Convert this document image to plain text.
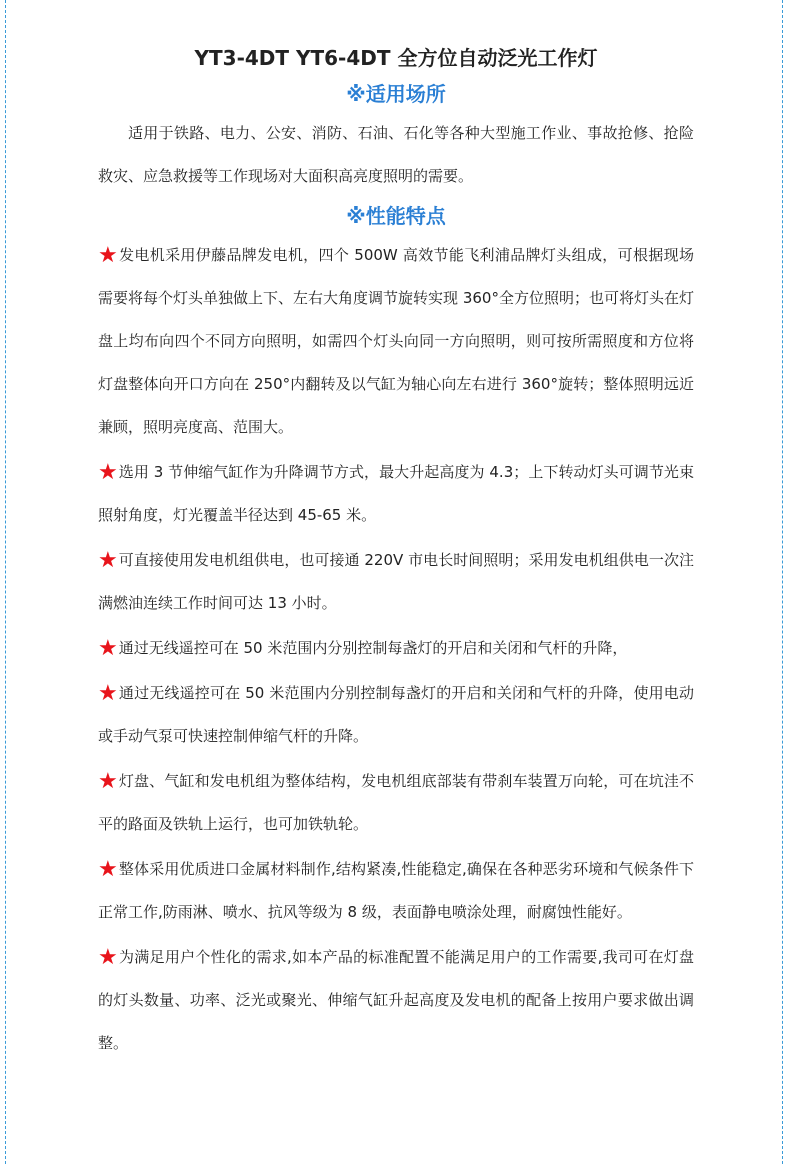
YT3-4DT YT6-4DT 全方位自动泛光工作灯
※适用场所

适用于铁路、电力、公安、消防、石油、石化等各种大型施工作业、事故抢修、抢险救灾、应急救援等工作现场对大面积高亮度照明的需要。

※性能特点

★发电机采用伊藤品牌发电机，四个 500W 高效节能飞利浦品牌灯头组成，可根据现场需要将每个灯头单独做上下、左右大角度调节旋转实现 360°全方位照明；也可将灯头在灯盘上均布向四个不同方向照明，如需四个灯头向同一方向照明，则可按所需照度和方位将灯盘整体向开口方向在 250°内翻转及以气缸为轴心向左右进行 360°旋转；整体照明远近兼顾，照明亮度高、范围大。

★选用 3 节伸缩气缸作为升降调节方式，最大升起高度为 4.3；上下转动灯头可调节光束照射角度，灯光覆盖半径达到 45-65 米。

★可直接使用发电机组供电，也可接通 220V 市电长时间照明；采用发电机组供电一次注满燃油连续工作时间可达 13 小时。

★通过无线遥控可在 50 米范围内分别控制每盏灯的开启和关闭和气杆的升降，

★通过无线遥控可在 50 米范围内分别控制每盏灯的开启和关闭和气杆的升降，使用电动或手动气泵可快速控制伸缩气杆的升降。

★灯盘、气缸和发电机组为整体结构，发电机组底部装有带刹车装置万向轮，可在坑洼不平的路面及铁轨上运行，也可加铁轨轮。

★整体采用优质进口金属材料制作,结构紧凑,性能稳定,确保在各种恶劣环境和气候条件下正常工作,防雨淋、喷水、抗风等级为 8 级，表面静电喷涂处理，耐腐蚀性能好。

★为满足用户个性化的需求,如本产品的标准配置不能满足用户的工作需要,我司可在灯盘的灯头数量、功率、泛光或聚光、伸缩气缸升起高度及发电机的配备上按用户要求做出调整。
